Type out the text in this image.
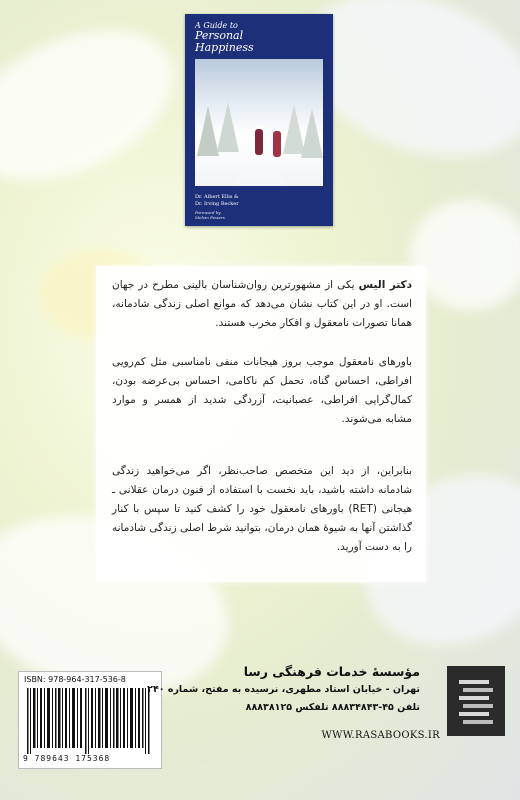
A Guide to
Personal
Happiness
Dr. Albert Ellis &
Dr. Irving Becker
Foreword by
Melvin Powers
دکتر الیس یکی از مشهورترین روان‌شناسان بالینی مطرح در جهان است. او در این کتاب نشان می‌دهد که موانع اصلی زندگی شادمانه، همانا تصورات نامعقول و افکار مخرب هستند.
باورهای نامعقول موجب بروز هیجانات منفی نامناسبی مثل کم‌رویی افراطی، احساس گناه، تحمل کم ناکامی، احساس بی‌عرضه بودن، کمال‌گرایی افراطی، عصبانیت، آزردگی شدید از همسر و موارد مشابه می‌شوند.
بنابراین، از دید این متخصص صاحب‌نظر، اگر می‌خواهید زندگی شادمانه داشته باشید، باید نخست با استفاده از فنون درمان عقلانی ـ هیجانی (RET) باورهای نامعقول خود را کشف کنید تا سپس با کنار گذاشتن آنها به شیوهٔ همان درمان، بتوانید شرط اصلی زندگی شادمانه را به دست آورید.
ISBN: 978-964-317-536-8
9 789643 175368
مؤسسهٔ خدمات فرهنگی رسا
تهران - خیابان استاد مطهری، نرسیده به مفتح، شماره ۲۴۰
تلفن ۴۵-۸۸۸۳۴۸۴۳ تلفکس ۸۸۸۳۸۱۲۵
WWW.RASABOOKS.IR
